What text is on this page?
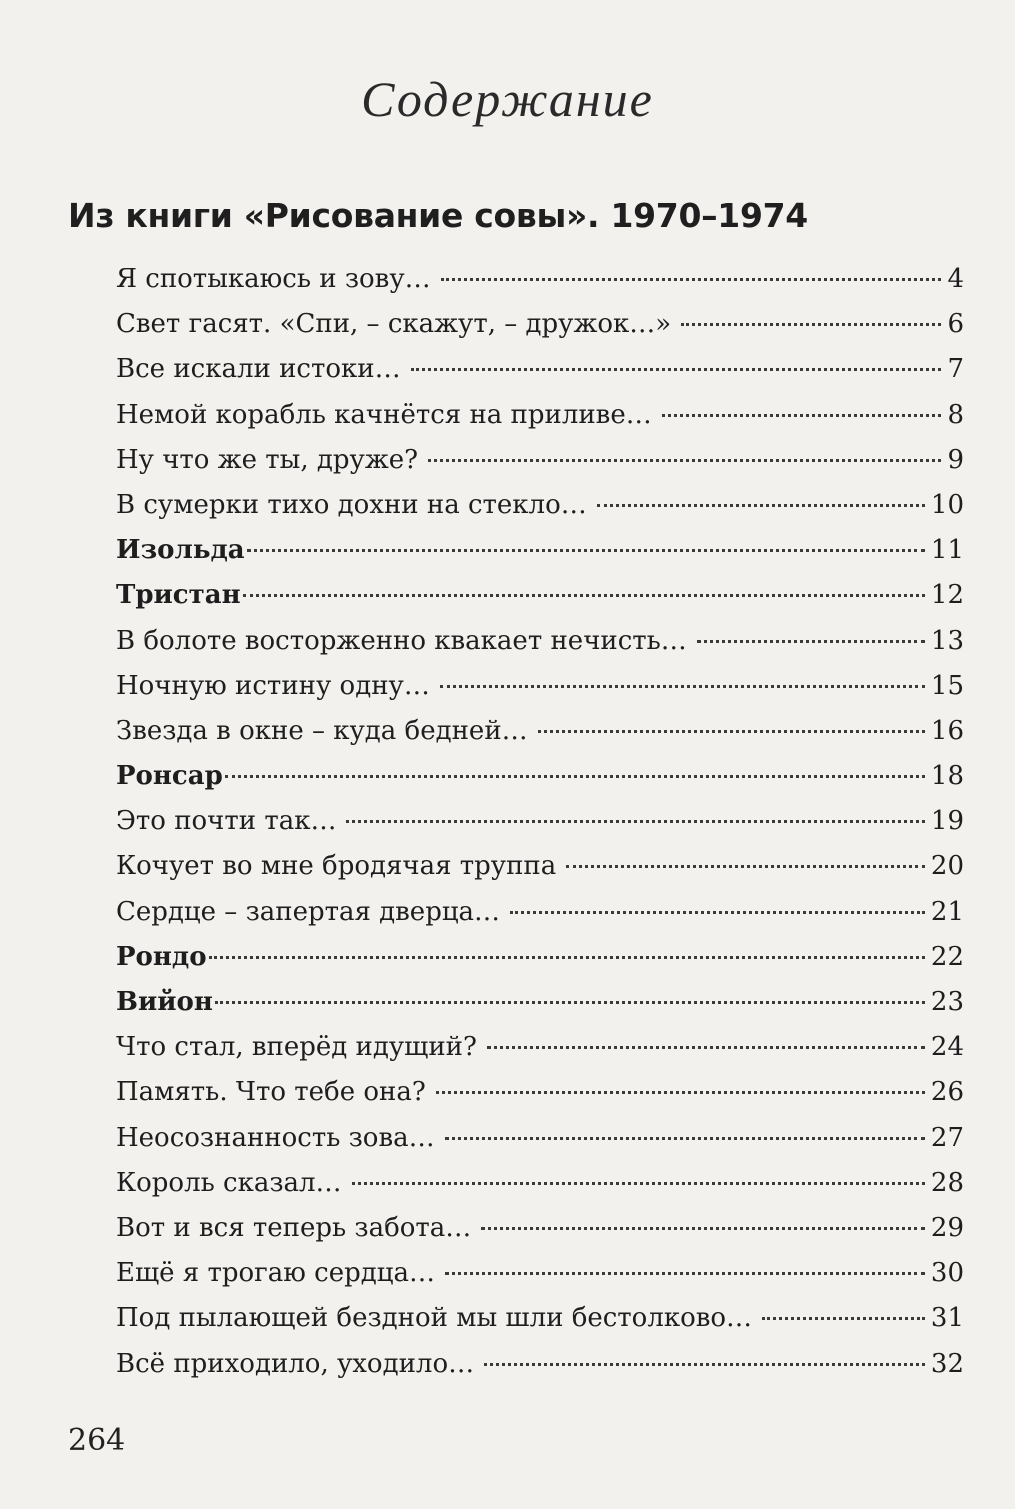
Содержание
Из книги «Рисование совы». 1970–1974
Я спотыкаюсь и зову…	4
Свет гасят. «Спи, – скажут, – дружок…»	6
Все искали истоки…	7
Немой корабль качнётся на приливе…	8
Ну что же ты, друже?	9
В сумерки тихо дохни на стекло…	10
Изольда	11
Тристан	12
В болоте восторженно квакает нечисть…	13
Ночную истину одну…	15
Звезда в окне – куда бедней…	16
Ронсар	18
Это почти так…	19
Кочует во мне бродячая труппа	20
Сердце – запертая дверца…	21
Рондо	22
Вийон	23
Что стал, вперёд идущий?	24
Память. Что тебе она?	26
Неосознанность зова…	27
Король сказал…	28
Вот и вся теперь забота…	29
Ещё я трогаю сердца…	30
Под пылающей бездной мы шли бестолково…	31
Всё приходило, уходило…	32
264
